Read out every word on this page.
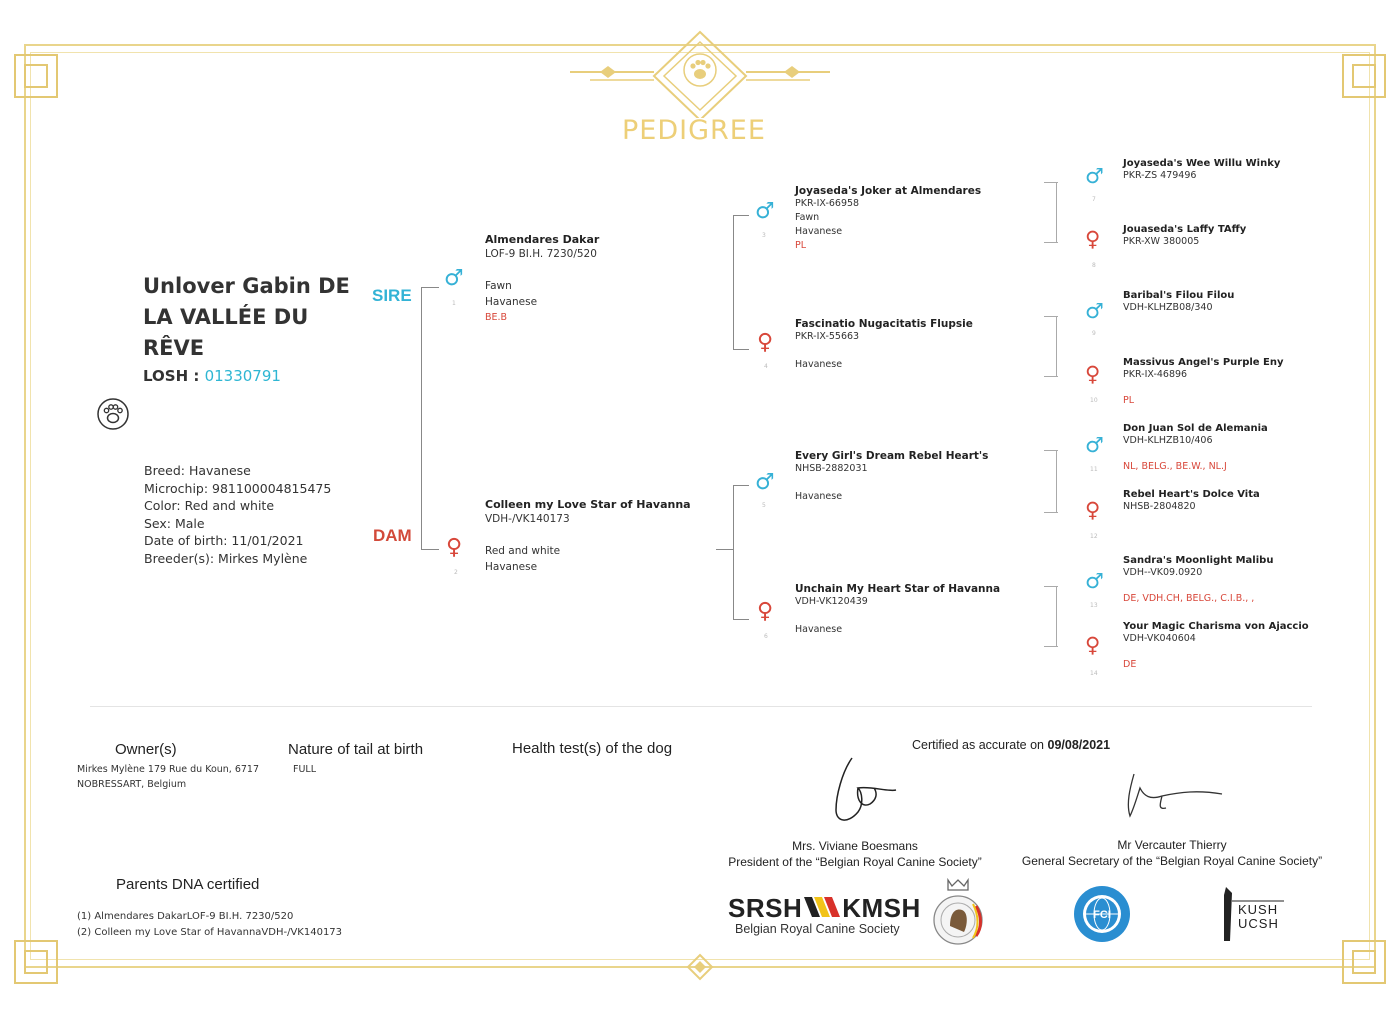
PEDIGREE
Unlover Gabin DE
LA VALLÉE DU
RÊVE
LOSH : 01330791
Breed: Havanese
Microchip: 981100004815475
Color: Red and white
Sex: Male
Date of birth: 11/01/2021
Breeder(s): Mirkes Mylène
SIRE
DAM
♂
1
Almendares Dakar
LOF-9 BI.H. 7230/520
Fawn
Havanese
BE.B
♀
2
Colleen my Love Star of Havanna
VDH-/VK140173
Red and white
Havanese
♂
3
Joyaseda's Joker at Almendares
PKR-IX-66958
Fawn
Havanese
PL
♀
4
Fascinatio Nugacitatis Flupsie
PKR-IX-55663
Havanese
♂
5
Every Girl's Dream Rebel Heart's
NHSB-2882031
Havanese
♀
6
Unchain My Heart Star of Havanna
VDH-VK120439
Havanese
♂
7
Joyaseda's Wee Willu Winky
PKR-ZS 479496
♀
8
Jouaseda's Laffy TAffy
PKR-XW 380005
♂
9
Baribal's Filou Filou
VDH-KLHZB08/340
♀
10
Massivus Angel's Purple Eny
PKR-IX-46896
PL
♂
11
Don Juan Sol de Alemania
VDH-KLHZB10/406
NL, BELG., BE.W., NL.J
♀
12
Rebel Heart's Dolce Vita
NHSB-2804820
♂
13
Sandra's Moonlight Malibu
VDH--VK09.0920
DE, VDH.CH, BELG., C.I.B., ,
♀
14
Your Magic Charisma von Ajaccio
VDH-VK040604
DE
Owner(s)
Mirkes Mylène 179 Rue du Koun, 6717
NOBRESSART, Belgium
Nature of tail at birth
FULL
Health test(s) of the dog	Certified as accurate on 09/08/2021
Mrs. Viviane Boesmans
President of the “Belgian Royal Canine Society”
Mr Vercauter Thierry
General Secretary of the “Belgian Royal Canine Society”
Parents DNA certified
(1) Almendares DakarLOF-9 BI.H. 7230/520
(2) Colleen my Love Star of HavannaVDH-/VK140173
SRSH KMSH
Belgian Royal Canine Society
FCI	KUSH
UCSH
